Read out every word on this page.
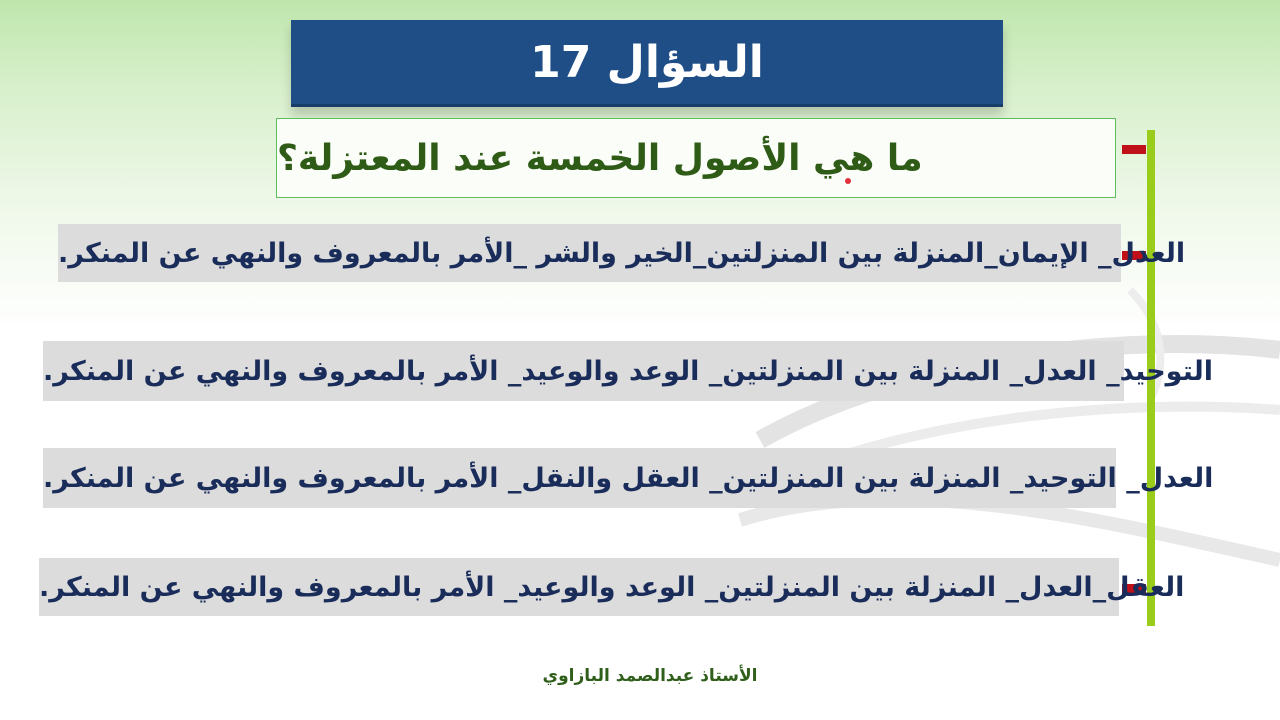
السؤال 17
ما هي الأصول الخمسة عند المعتزلة؟
العدل_ الإيمان_المنزلة بين المنزلتين_الخير والشر _الأمر بالمعروف والنهي عن المنكر.
التوحيد_ العدل_ المنزلة بين المنزلتين_ الوعد والوعيد_ الأمر بالمعروف والنهي عن المنكر.
العدل_ التوحيد_ المنزلة بين المنزلتين_ العقل والنقل_ الأمر بالمعروف والنهي عن المنكر.
العقل_العدل_ المنزلة بين المنزلتين_ الوعد والوعيد_ الأمر بالمعروف والنهي عن المنكر.
الأستاذ عبدالصمد البازاوي
